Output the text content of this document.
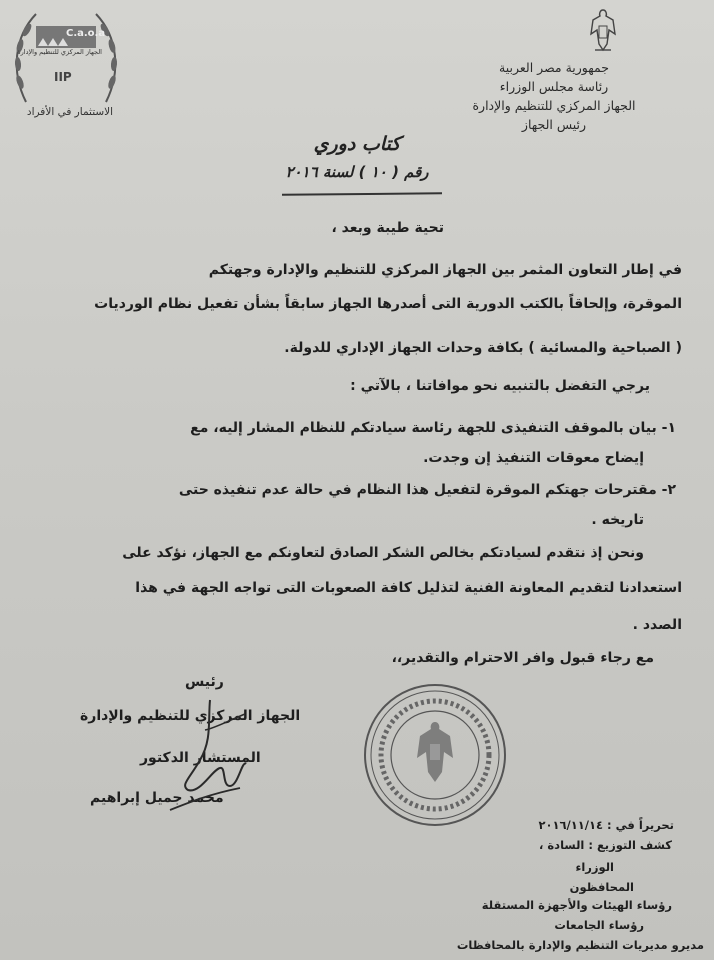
C.a.o.a
الجهاز المركزي للتنظيم والإدارة
IIP
الاستثمار في الأفراد
جمهورية مصر العربية
رئاسة مجلس الوزراء
الجهاز المركزي للتنظيم والإدارة
رئيس الجهاز
كتاب دوري
رقم ( ١٠ ) لسنة ٢٠١٦
تحية طيبة وبعد ،
في إطار التعاون المثمر بين الجهاز المركزي للتنظيم والإدارة وجهتكم
الموقرة، وإلحاقاً بالكتب الدورية التى أصدرها الجهاز سابقاً بشأن تفعيل نظام الورديات
( الصباحية والمسائية ) بكافة وحدات الجهاز الإداري للدولة.
يرجي التفضل بالتنبيه نحو موافاتنا ، بالآتي :
١- بيان بالموقف التنفيذى للجهة رئاسة سيادتكم للنظام المشار إليه، مع
إيضاح معوقات التنفيذ إن وجدت.
٢- مقترحات جهتكم الموقرة لتفعيل هذا النظام في حالة عدم تنفيذه حتى
تاريخه .
ونحن إذ نتقدم لسيادتكم بخالص الشكر الصادق لتعاونكم مع الجهاز، نؤكد على
استعدادنا لتقديم المعاونة الفنية لتذليل كافة الصعوبات التى تواجه الجهة في هذا
الصدد .
مع رجاء قبول وافر الاحترام والتقدير،،
رئيس
الجهاز المركزي للتنظيم والإدارة
المستشار الدكتور
محمد جميل إبراهيم
تحريراً في : ٢٠١٦/١١/١٤
كشف التوزيع : السادة ،
الوزراء
المحافظون
رؤساء الهيئات والأجهزة المستقلة
رؤساء الجامعات
مديرو مديريات التنظيم والإدارة بالمحافظات
